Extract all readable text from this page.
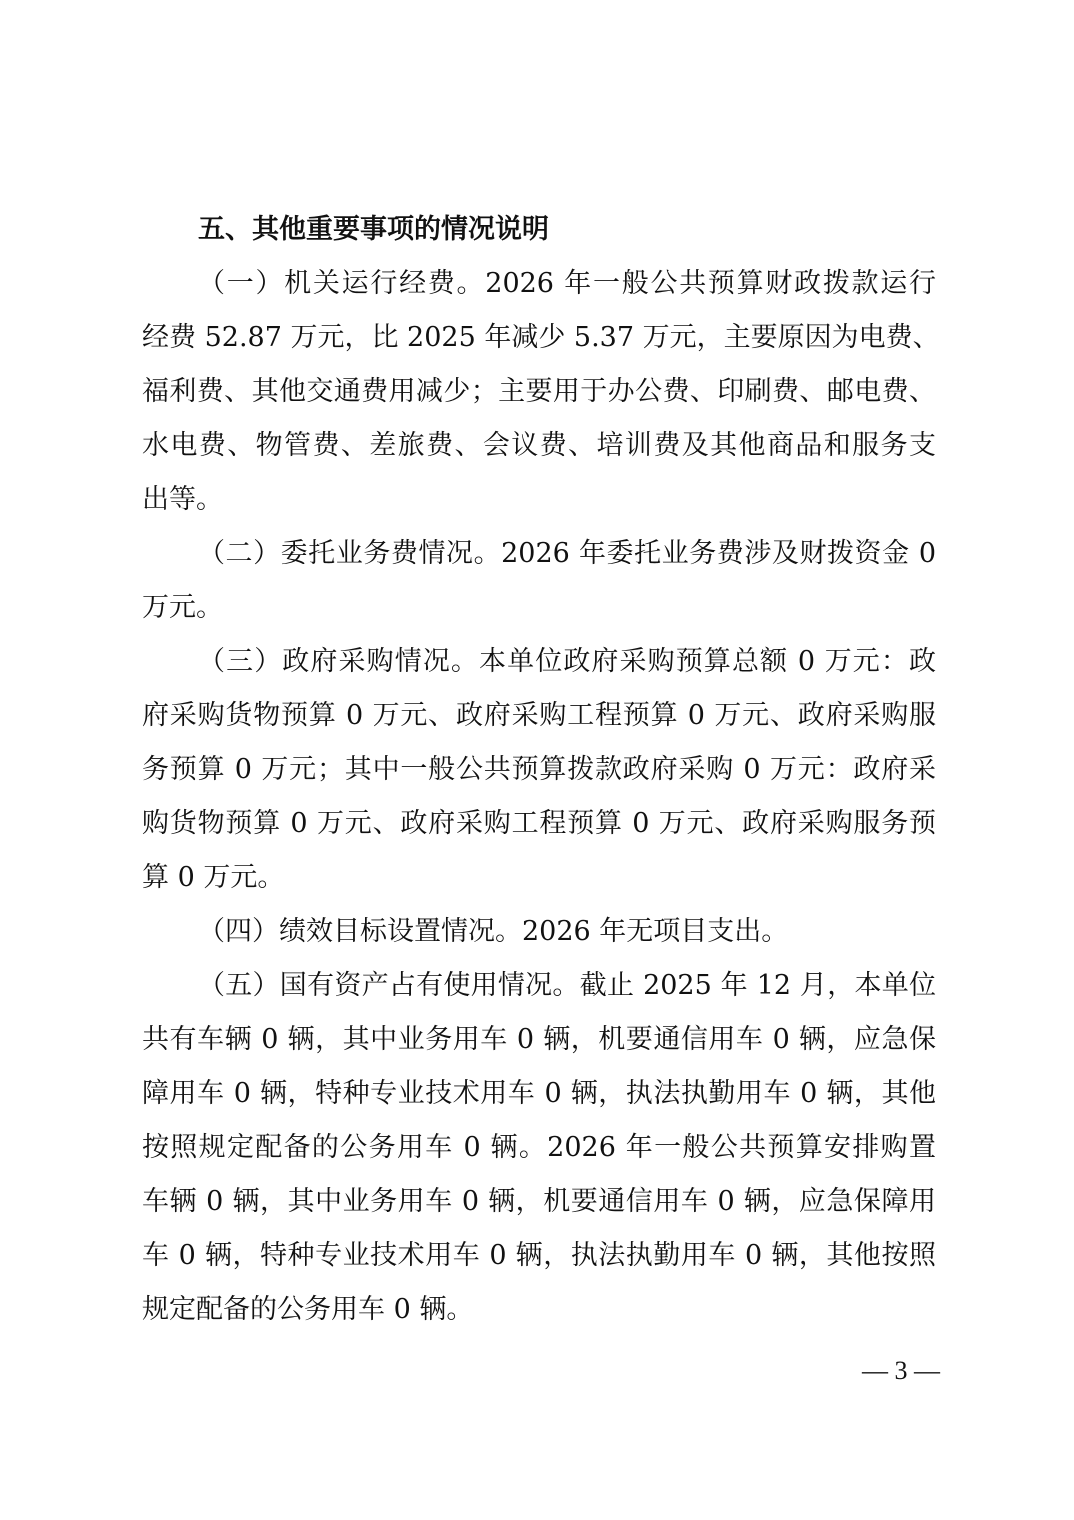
五、其他重要事项的情况说明
（一）机关运行经费。2026 年一般公共预算财政拨款运行
经费 52.87 万元，比 2025 年减少 5.37 万元，主要原因为电费、
福利费、其他交通费用减少；主要用于办公费、印刷费、邮电费、
水电费、物管费、差旅费、会议费、培训费及其他商品和服务支
出等。
（二）委托业务费情况。2026 年委托业务费涉及财拨资金 0
万元。
（三）政府采购情况。本单位政府采购预算总额 0 万元：政
府采购货物预算 0 万元、政府采购工程预算 0 万元、政府采购服
务预算 0 万元；其中一般公共预算拨款政府采购 0 万元：政府采
购货物预算 0 万元、政府采购工程预算 0 万元、政府采购服务预
算 0 万元。
（四）绩效目标设置情况。2026 年无项目支出。
（五）国有资产占有使用情况。截止 2025 年 12 月，本单位
共有车辆 0 辆，其中业务用车 0 辆，机要通信用车 0 辆，应急保
障用车 0 辆，特种专业技术用车 0 辆，执法执勤用车 0 辆，其他
按照规定配备的公务用车 0 辆。2026 年一般公共预算安排购置
车辆 0 辆，其中业务用车 0 辆，机要通信用车 0 辆，应急保障用
车 0 辆，特种专业技术用车 0 辆，执法执勤用车 0 辆，其他按照
规定配备的公务用车 0 辆。
— 3 —
